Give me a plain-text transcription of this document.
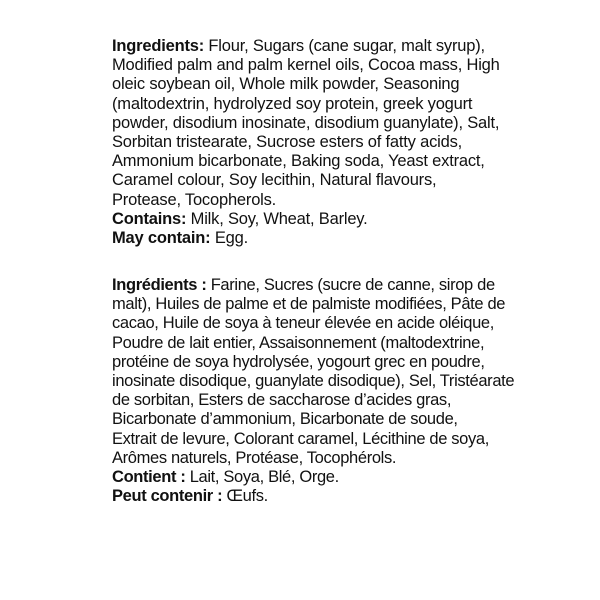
Ingredients: Flour, Sugars (cane sugar, malt syrup),
Modified palm and palm kernel oils, Cocoa mass, High
oleic soybean oil, Whole milk powder, Seasoning
(maltodextrin, hydrolyzed soy protein, greek yogurt
powder, disodium inosinate, disodium guanylate), Salt,
Sorbitan tristearate, Sucrose esters of fatty acids,
Ammonium bicarbonate, Baking soda, Yeast extract,
Caramel colour, Soy lecithin, Natural flavours,
Protease, Tocopherols.
Contains: Milk, Soy, Wheat, Barley.
May contain: Egg.
Ingrédients : Farine, Sucres (sucre de canne, sirop de
malt), Huiles de palme et de palmiste modifiées, Pâte de
cacao, Huile de soya à teneur élevée en acide oléique,
Poudre de lait entier, Assaisonnement (maltodextrine,
protéine de soya hydrolysée, yogourt grec en poudre,
inosinate disodique, guanylate disodique), Sel, Tristéarate
de sorbitan, Esters de saccharose d’acides gras,
Bicarbonate d’ammonium, Bicarbonate de soude,
Extrait de levure, Colorant caramel, Lécithine de soya,
Arômes naturels, Protéase, Tocophérols.
Contient : Lait, Soya, Blé, Orge.
Peut contenir : Œufs.
